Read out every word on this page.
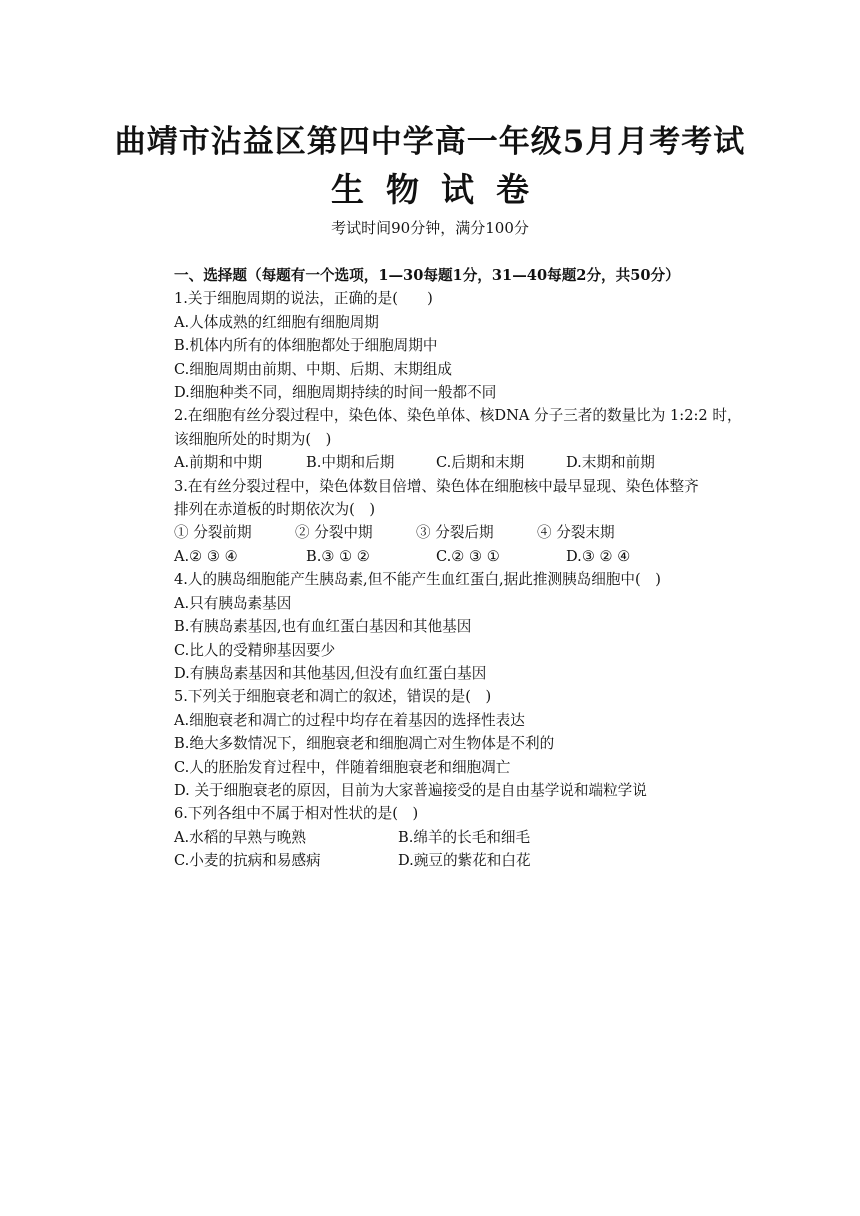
曲靖市沾益区第四中学高一年级5月月考考试
生物试卷
考试时间90分钟，满分100分
一、选择题（每题有一个选项，1—30每题1分，31—40每题2分，共50分）
1.关于细胞周期的说法，正确的是(　　)
A.人体成熟的红细胞有细胞周期
B.机体内所有的体细胞都处于细胞周期中
C.细胞周期由前期、中期、后期、末期组成
D.细胞种类不同，细胞周期持续的时间一般都不同
2.在细胞有丝分裂过程中，染色体、染色单体、核DNA 分子三者的数量比为 1:2:2 时，
该细胞所处的时期为(　)
A.前期和中期	B.中期和后期	C.后期和末期	D.末期和前期
3.在有丝分裂过程中，染色体数目倍增、染色体在细胞核中最早显现、染色体整齐
排列在赤道板的时期依次为(　)
① 分裂前期	② 分裂中期	③ 分裂后期	④ 分裂末期
A.② ③ ④	B.③ ① ②	C.② ③ ①	D.③ ② ④
4.人的胰岛细胞能产生胰岛素,但不能产生血红蛋白,据此推测胰岛细胞中(　)
A.只有胰岛素基因
B.有胰岛素基因,也有血红蛋白基因和其他基因
C.比人的受精卵基因要少
D.有胰岛素基因和其他基因,但没有血红蛋白基因
5.下列关于细胞衰老和凋亡的叙述，错误的是(　)
A.细胞衰老和凋亡的过程中均存在着基因的选择性表达
B.绝大多数情况下，细胞衰老和细胞凋亡对生物体是不利的
C.人的胚胎发育过程中，伴随着细胞衰老和细胞凋亡
D. 关于细胞衰老的原因，目前为大家普遍接受的是自由基学说和端粒学说
6.下列各组中不属于相对性状的是(　)
A.水稻的早熟与晚熟	B.绵羊的长毛和细毛
C.小麦的抗病和易感病	D.豌豆的紫花和白花
